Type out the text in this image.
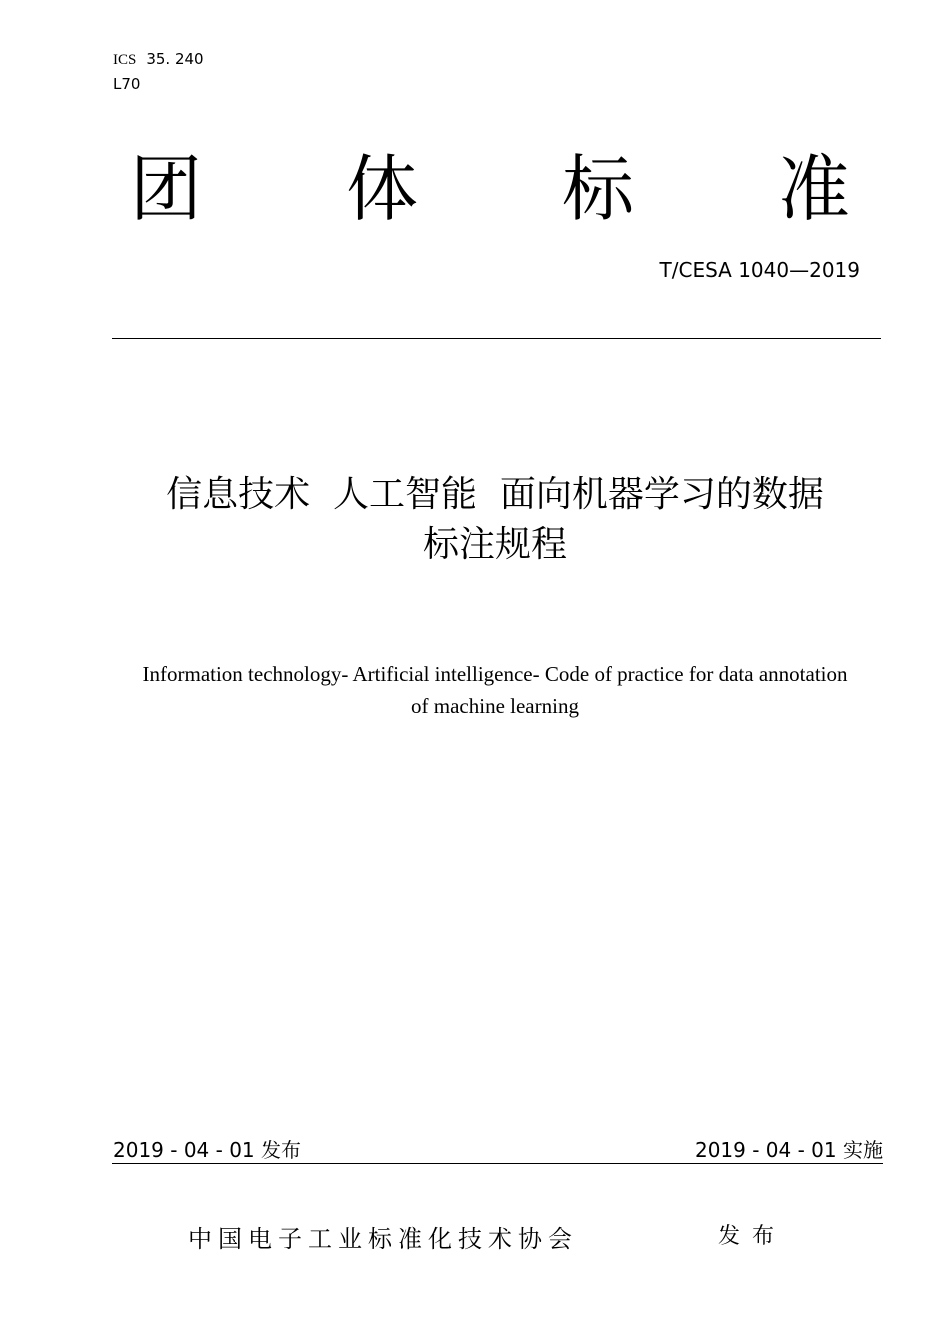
ICS 35. 240
L70
团 体 标 准
T/CESA 1040—2019
信息技术  人工智能  面向机器学习的数据
标注规程
Information technology- Artificial intelligence- Code of practice for data annotation
of machine learning
2019 - 04 - 01 发布	2019 - 04 - 01 实施
中国电子工业标准化技术协会	发布
